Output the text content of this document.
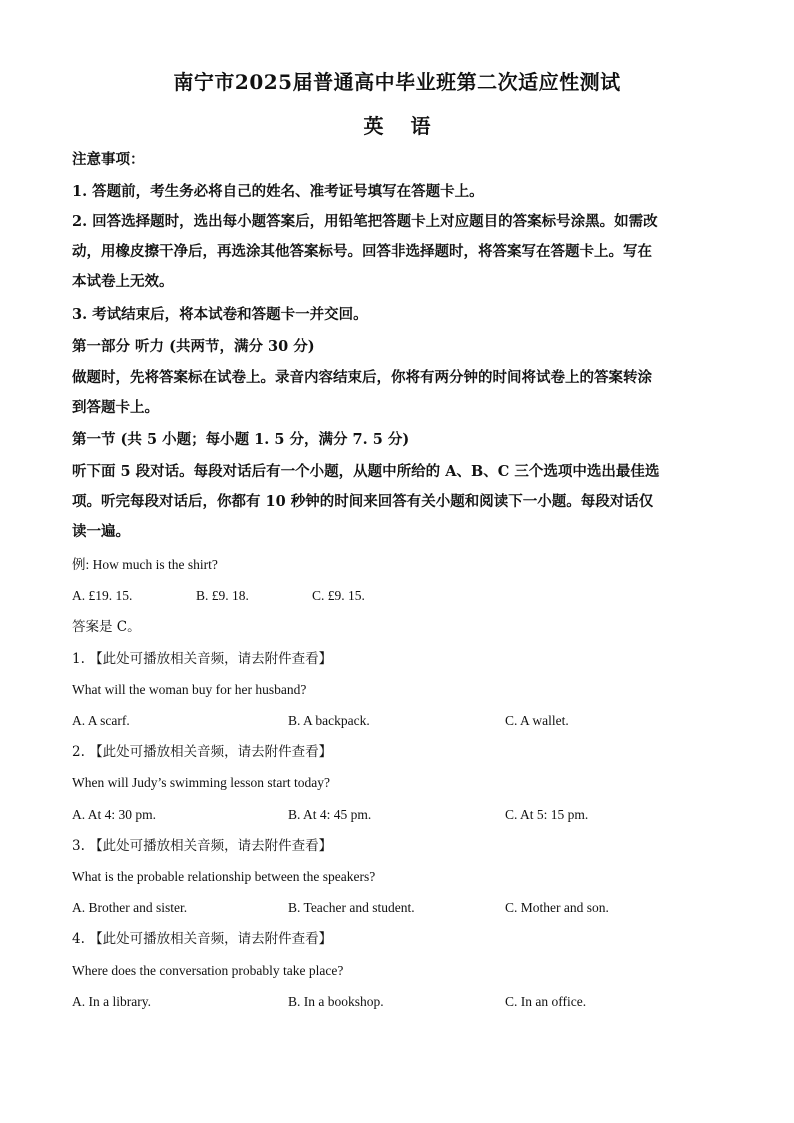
南宁市2025届普通高中毕业班第二次适应性测试
英 语
注意事项：
1. 答题前，考生务必将自己的姓名、准考证号填写在答题卡上。
2. 回答选择题时，选出每小题答案后，用铅笔把答题卡上对应题目的答案标号涂黑。如需改
动，用橡皮擦干净后，再选涂其他答案标号。回答非选择题时，将答案写在答题卡上。写在
本试卷上无效。
3. 考试结束后，将本试卷和答题卡一并交回。
第一部分 听力 (共两节，满分 30 分)
做题时，先将答案标在试卷上。录音内容结束后，你将有两分钟的时间将试卷上的答案转涂
到答题卡上。
第一节 (共 5 小题；每小题 1. 5 分，满分 7. 5 分)
听下面 5 段对话。每段对话后有一个小题，从题中所给的 A、B、C 三个选项中选出最佳选
项。听完每段对话后，你都有 10 秒钟的时间来回答有关小题和阅读下一小题。每段对话仅
读一遍。
例: How much is the shirt?
A. £19. 15.	B. £9. 18.	C. £9. 15.
答案是 C。
1. 【此处可播放相关音频，请去附件查看】
What will the woman buy for her husband?
A. A scarf.	B. A backpack.	C. A wallet.
2. 【此处可播放相关音频，请去附件查看】
When will Judy’s swimming lesson start today?
A. At 4: 30 pm.	B. At 4: 45 pm.	C. At 5: 15 pm.
3. 【此处可播放相关音频，请去附件查看】
What is the probable relationship between the speakers?
A. Brother and sister.	B. Teacher and student.	C. Mother and son.
4. 【此处可播放相关音频，请去附件查看】
Where does the conversation probably take place?
A. In a library.	B. In a bookshop.	C. In an office.
